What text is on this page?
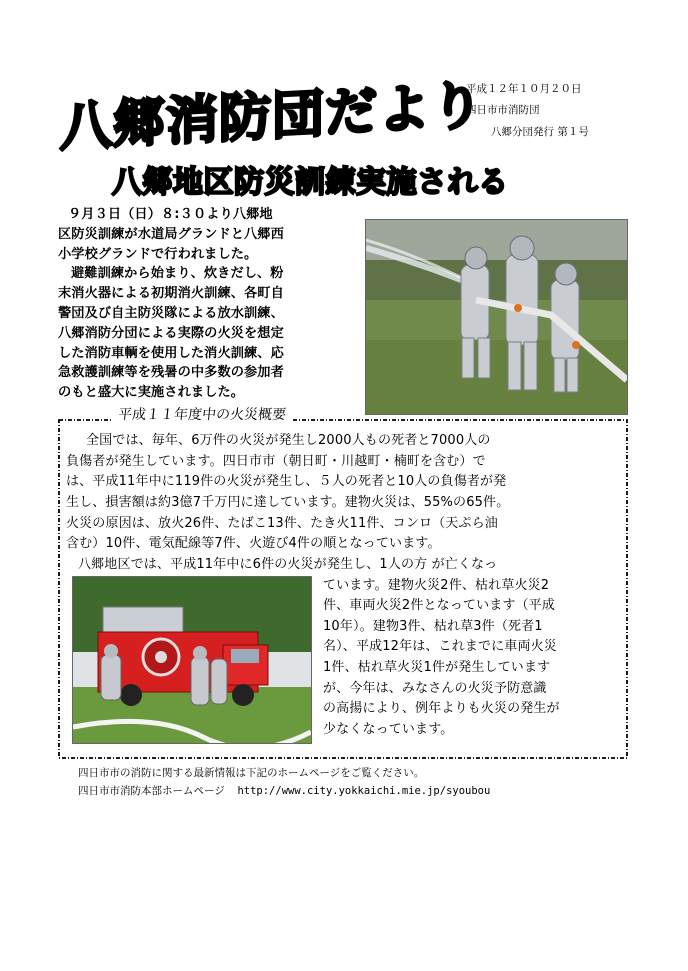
八郷消防団だより
平成１２年１０月２０日
四日市市消防団
八郷分団発行 第１号
八郷地区防災訓練実施される

９月３日（日）８:３０より八郷地

区防災訓練が水道局グランドと八郷西

小学校グランドで行われました。

避難訓練から始まり、炊きだし、粉

末消火器による初期消火訓練、各町自

警団及び自主防災隊による放水訓練、

八郷消防分団による実際の火災を想定

した消防車輌を使用した消火訓練、応

急救護訓練等を残暑の中多数の参加者

のもと盛大に実施されました。

平成１１年度中の火災概要
全国では、毎年、6万件の火災が発生し2000人もの死者と7000人の
負傷者が発生しています。四日市市（朝日町・川越町・楠町を含む）で
は、平成11年中に119件の火災が発生し、５人の死者と10人の負傷者が発
生し、損害額は約3億7千万円に達しています。建物火災は、55%の65件。
火災の原因は、放火26件、たばこ13件、たき火11件、コンロ（天ぷら油
含む）10件、電気配線等7件、火遊び4件の順となっています。
八郷地区では、平成11年中に6件の火災が発生し、1人の方 が亡くなっ
ています。建物火災2件、枯れ草火災2
件、車両火災2件となっています（平成
10年）。建物3件、枯れ草3件（死者1
名）、平成12年は、これまでに車両火災
1件、枯れ草火災1件が発生しています
が、今年は、みなさんの火災予防意識
の高揚により、例年よりも火災の発生が
少なくなっています。
四日市市の消防に関する最新情報は下記のホームページをご覧ください。
四日市市消防本部ホームページ http://www.city.yokkaichi.mie.jp/syoubou
